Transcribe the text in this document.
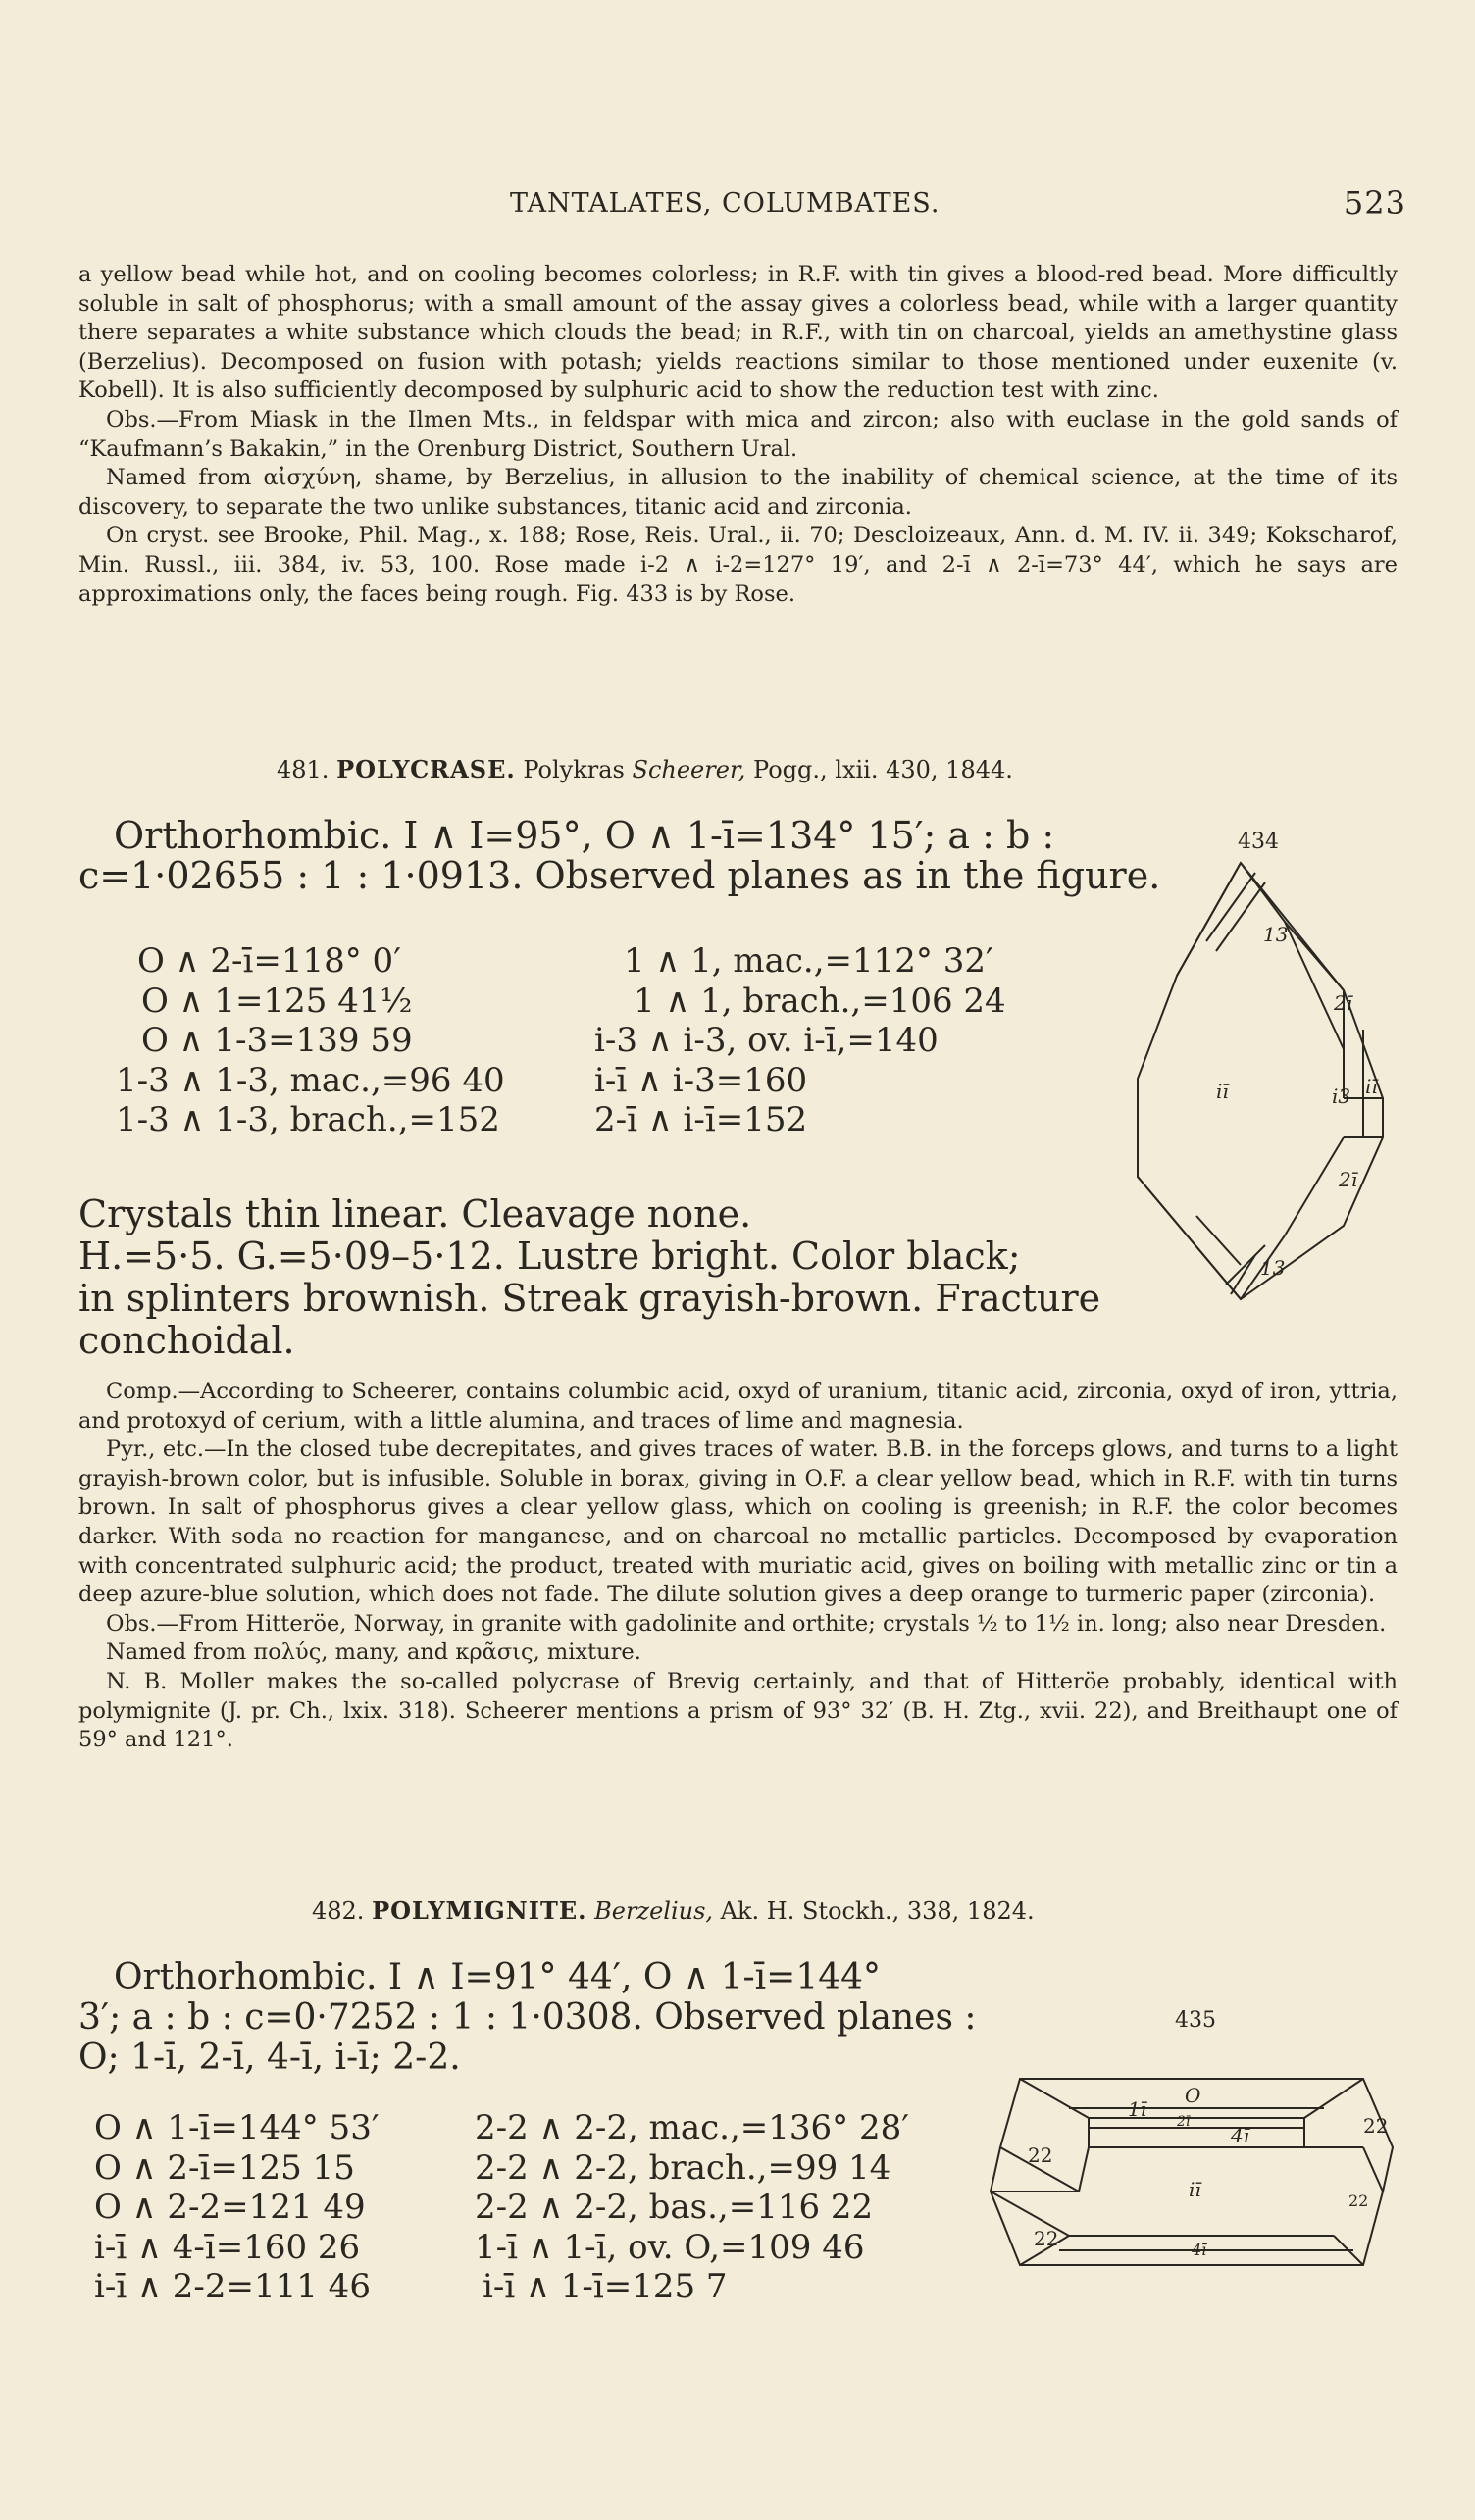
TANTALATES, COLUMBATES.	523

a yellow bead while hot, and on cooling becomes colorless; in R.F. with tin gives a blood-red bead. More difficultly soluble in salt of phosphorus; with a small amount of the assay gives a colorless bead, while with a larger quantity there separates a white substance which clouds the bead; in R.F., with tin on charcoal, yields an amethystine glass (Berzelius). Decomposed on fusion with potash; yields reactions similar to those mentioned under euxenite (v. Kobell). It is also sufficiently decomposed by sulphuric acid to show the reduction test with zinc.

Obs.—From Miask in the Ilmen Mts., in feldspar with mica and zircon; also with euclase in the gold sands of “Kaufmann’s Bakakin,” in the Orenburg District, Southern Ural.

Named from αἰσχύνη, shame, by Berzelius, in allusion to the inability of chemical science, at the time of its discovery, to separate the two unlike substances, titanic acid and zirconia.

On cryst. see Brooke, Phil. Mag., x. 188; Rose, Reis. Ural., ii. 70; Descloizeaux, Ann. d. M. IV. ii. 349; Kokscharof, Min. Russl., iii. 384, iv. 53, 100. Rose made i-2 ∧ i-2=127° 19′, and 2-ī ∧ 2-ī=73° 44′, which he says are approximations only, the faces being rough. Fig. 433 is by Rose.

481. POLYCRASE. Polykras Scheerer, Pogg., lxii. 430, 1844.
Orthorhombic. I ∧ I=95°, O ∧ 1-ī=134° 15′; a : b :
c=1·02655 : 1 : 1·0913. Observed planes as in the figure.
O ∧ 2-ī=118° 0′
O ∧ 1=125 41½
O ∧ 1-3=139 59
1-3 ∧ 1-3, mac.,=96 40
1-3 ∧ 1-3, brach.,=152
1 ∧ 1, mac.,=112° 32′
1 ∧ 1, brach.,=106 24
i-3 ∧ i-3, ov. i-ī,=140
i-ī ∧ i-3=160
2-ī ∧ i-ī=152
434
13
2ī
iī	i3 iī
2ī
13
Crystals thin linear. Cleavage none.
H.=5·5. G.=5·09–5·12. Lustre bright. Color black;
in splinters brownish. Streak grayish-brown. Fracture
conchoidal.

Comp.—According to Scheerer, contains columbic acid, oxyd of uranium, titanic acid, zirconia, oxyd of iron, yttria, and protoxyd of cerium, with a little alumina, and traces of lime and magnesia.

Pyr., etc.—In the closed tube decrepitates, and gives traces of water. B.B. in the forceps glows, and turns to a light grayish-brown color, but is infusible. Soluble in borax, giving in O.F. a clear yellow bead, which in R.F. with tin turns brown. In salt of phosphorus gives a clear yellow glass, which on cooling is greenish; in R.F. the color becomes darker. With soda no reaction for manganese, and on charcoal no metallic particles. Decomposed by evaporation with concentrated sulphuric acid; the product, treated with muriatic acid, gives on boiling with metallic zinc or tin a deep azure-blue solution, which does not fade. The dilute solution gives a deep orange to turmeric paper (zirconia).

Obs.—From Hitteröe, Norway, in granite with gadolinite and orthite; crystals ½ to 1½ in. long; also near Dresden.

Named from πολύς, many, and κρᾶσις, mixture.

N. B. Moller makes the so-called polycrase of Brevig certainly, and that of Hitteröe probably, identical with polymignite (J. pr. Ch., lxix. 318). Scheerer mentions a prism of 93° 32′ (B. H. Ztg., xvii. 22), and Breithaupt one of 59° and 121°.

482. POLYMIGNITE. Berzelius, Ak. H. Stockh., 338, 1824.
Orthorhombic. I ∧ I=91° 44′, O ∧ 1-ī=144°
3′; a : b : c=0·7252 : 1 : 1·0308. Observed planes :
O; 1-ī, 2-ī, 4-ī, i-ī; 2-2.
O ∧ 1-ī=144° 53′
O ∧ 2-ī=125 15
O ∧ 2-2=121 49
i-ī ∧ 4-ī=160 26
i-ī ∧ 2-2=111 46
2-2 ∧ 2-2, mac.,=136° 28′
2-2 ∧ 2-2, brach.,=99 14
2-2 ∧ 2-2, bas.,=116 22
1-ī ∧ 1-ī, ov. O,=109 46
i-ī ∧ 1-ī=125 7
435
O
1ī
2ī
4ī
22
22
iī
22
22
4ī
